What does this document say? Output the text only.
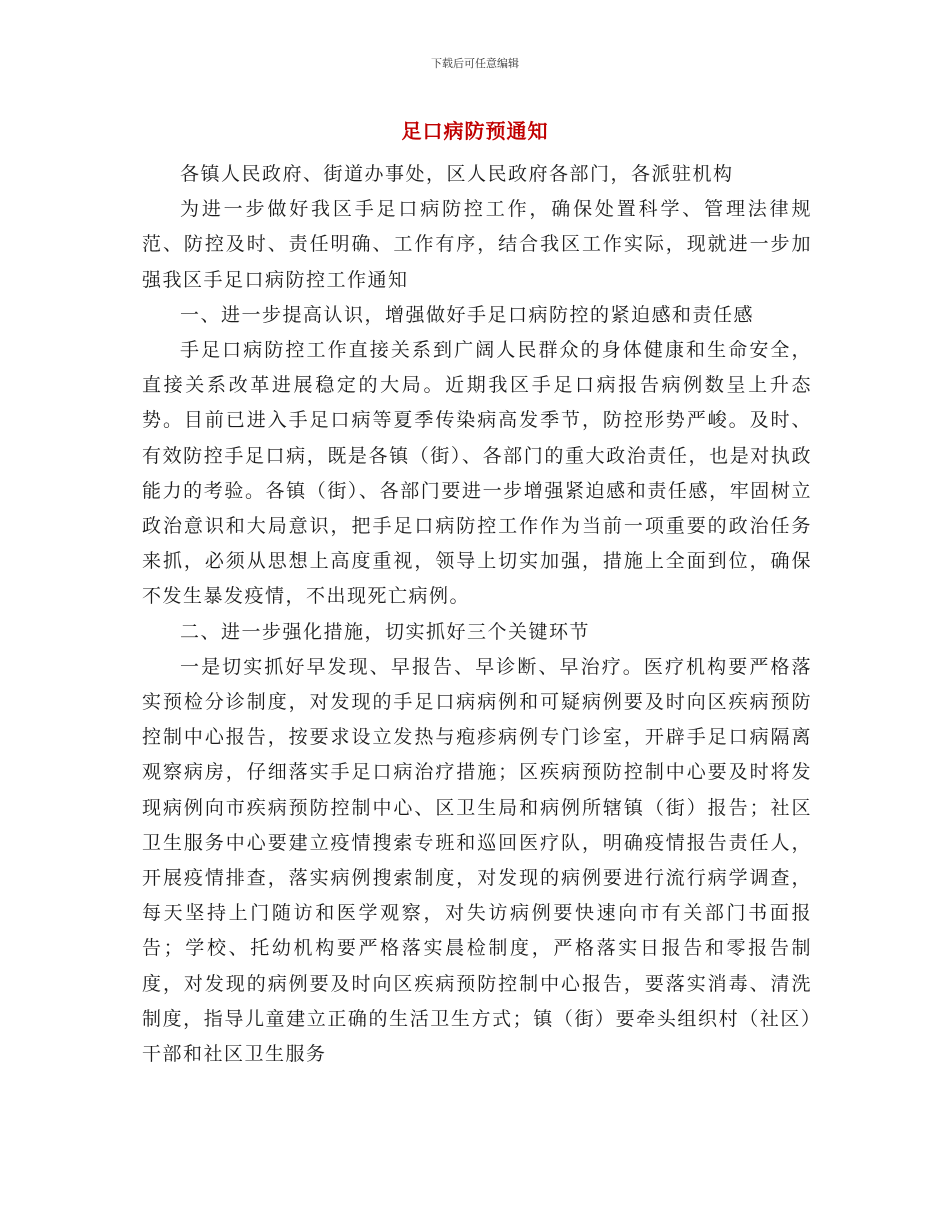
下载后可任意编辑
足口病防预通知

各镇人民政府、街道办事处，区人民政府各部门，各派驻机构

为进一步做好我区手足口病防控工作，确保处置科学、管理法律规范、防控及时、责任明确、工作有序，结合我区工作实际，现就进一步加强我区手足口病防控工作通知

一、进一步提高认识，增强做好手足口病防控的紧迫感和责任感

手足口病防控工作直接关系到广阔人民群众的身体健康和生命安全，直接关系改革进展稳定的大局。近期我区手足口病报告病例数呈上升态势。目前已进入手足口病等夏季传染病高发季节，防控形势严峻。及时、有效防控手足口病，既是各镇（街）、各部门的重大政治责任，也是对执政能力的考验。各镇（街）、各部门要进一步增强紧迫感和责任感，牢固树立政治意识和大局意识，把手足口病防控工作作为当前一项重要的政治任务来抓，必须从思想上高度重视，领导上切实加强，措施上全面到位，确保不发生暴发疫情，不出现死亡病例。

二、进一步强化措施，切实抓好三个关键环节

一是切实抓好早发现、早报告、早诊断、早治疗。医疗机构要严格落实预检分诊制度，对发现的手足口病病例和可疑病例要及时向区疾病预防控制中心报告，按要求设立发热与疱疹病例专门诊室，开辟手足口病隔离观察病房，仔细落实手足口病治疗措施；区疾病预防控制中心要及时将发现病例向市疾病预防控制中心、区卫生局和病例所辖镇（街）报告；社区卫生服务中心要建立疫情搜索专班和巡回医疗队，明确疫情报告责任人，开展疫情排查，落实病例搜索制度，对发现的病例要进行流行病学调查，每天坚持上门随访和医学观察，对失访病例要快速向市有关部门书面报告；学校、托幼机构要严格落实晨检制度，严格落实日报告和零报告制度，对发现的病例要及时向区疾病预防控制中心报告，要落实消毒、清洗制度，指导儿童建立正确的生活卫生方式；镇（街）要牵头组织村（社区）干部和社区卫生服务
